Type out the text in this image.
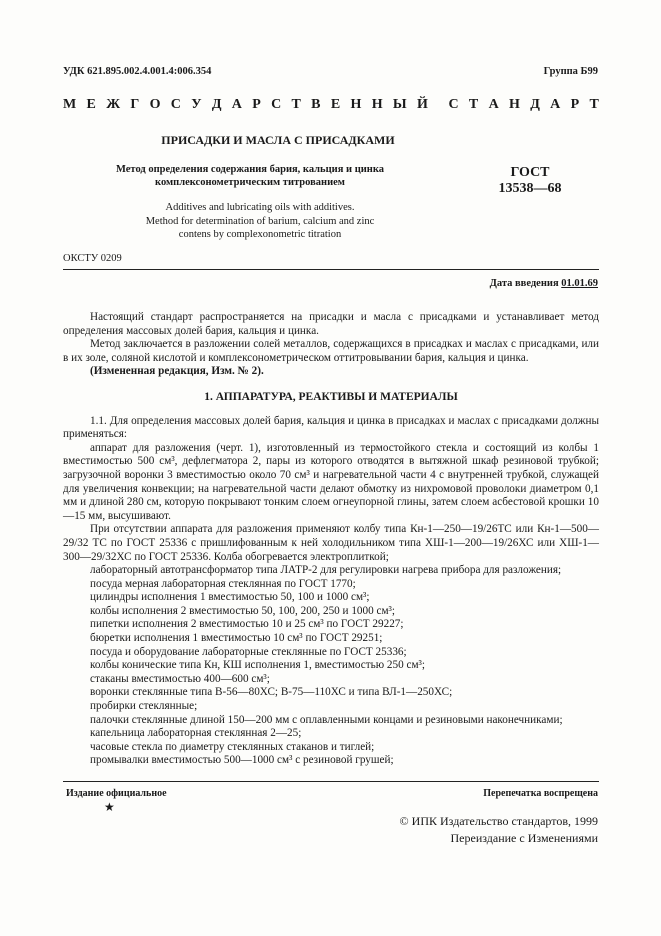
УДК 621.895.002.4.001.4:006.354	Группа Б99
М Е Ж Г О С У Д А Р С Т В Е Н Н Ы Й С Т А Н Д А Р Т
ПРИСАДКИ И МАСЛА С ПРИСАДКАМИ
Метод определения содержания бария, кальция и цинка
комплексонометрическим титрованием
ГОСТ
13538—68
Additives and lubricating oils with additives.
Method for determination of barium, calcium and zinc
contens by complexonometric titration
ОКСТУ 0209
Дата введения 01.01.69

Настоящий стандарт распространяется на присадки и масла с присадками и устанавливает метод определения массовых долей бария, кальция и цинка.

Метод заключается в разложении солей металлов, содержащихся в присадках и маслах с присадками, или в их золе, соляной кислотой и комплексонометрическом оттитровывании бария, кальция и цинка.

(Измененная редакция, Изм. № 2).

1. АППАРАТУРА, РЕАКТИВЫ И МАТЕРИАЛЫ

1.1. Для определения массовых долей бария, кальция и цинка в присадках и маслах с присадками должны применяться:

аппарат для разложения (черт. 1), изготовленный из термостойкого стекла и состоящий из колбы 1 вместимостью 500 см³, дефлегматора 2, пары из которого отводятся в вытяжной шкаф резиновой трубкой; загрузочной воронки 3 вместимостью около 70 см³ и нагревательной части 4 с внутренней трубкой, служащей для увеличения конвекции; на нагревательной части делают обмотку из нихромовой проволоки диаметром 0,1 мм и длиной 280 см, которую покрывают тонким слоем огнеупорной глины, затем слоем асбестовой крошки 10—15 мм, высушивают.

При отсутствии аппарата для разложения применяют колбу типа Кн-1—250—19/26ТС или Кн-1—500—29/32 ТС по ГОСТ 25336 с пришлифованным к ней холодильником типа ХШ-1—200—19/26ХС или ХШ-1—300—29/32ХС по ГОСТ 25336. Колба обогревается электроплиткой;

лабораторный автотрансформатор типа ЛАТР-2 для регулировки нагрева прибора для разложения;

посуда мерная лабораторная стеклянная по ГОСТ 1770;

цилиндры исполнения 1 вместимостью 50, 100 и 1000 см³;

колбы исполнения 2 вместимостью 50, 100, 200, 250 и 1000 см³;

пипетки исполнения 2 вместимостью 10 и 25 см³ по ГОСТ 29227;

бюретки исполнения 1 вместимостью 10 см³ по ГОСТ 29251;

посуда и оборудование лабораторные стеклянные по ГОСТ 25336;

колбы конические типа Кн, КШ исполнения 1, вместимостью 250 см³;

стаканы вместимостью 400—600 см³;

воронки стеклянные типа В-56—80ХС; В-75—110ХС и типа ВЛ-1—250ХС;

пробирки стеклянные;

палочки стеклянные длиной 150—200 мм с оплавленными концами и резиновыми наконечниками;

капельница лабораторная стеклянная 2—25;

часовые стекла по диаметру стеклянных стаканов и тиглей;

промывалки вместимостью 500—1000 см³ с резиновой грушей;

Издание официальное	Перепечатка воспрещена
★
© ИПК Издательство стандартов, 1999
Переиздание с Изменениями
